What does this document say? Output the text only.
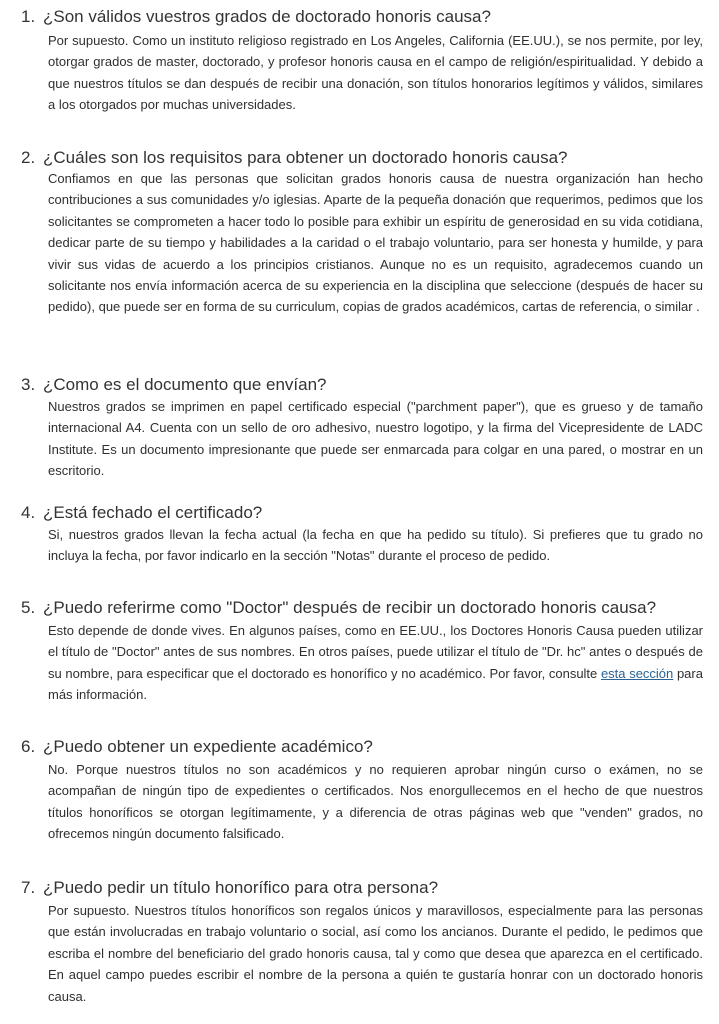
1. ¿Son válidos vuestros grados de doctorado honoris causa?
Por supuesto. Como un instituto religioso registrado en Los Angeles, California (EE.UU.), se nos permite, por ley, otorgar grados de master, doctorado, y profesor honoris causa en el campo de religión/espiritualidad. Y debido a que nuestros títulos se dan después de recibir una donación, son títulos honorarios legítimos y válidos, similares a los otorgados por muchas universidades.
2. ¿Cuáles son los requisitos para obtener un doctorado honoris causa?
Confiamos en que las personas que solicitan grados honoris causa de nuestra organización han hecho contribuciones a sus comunidades y/o iglesias. Aparte de la pequeña donación que requerimos, pedimos que los solicitantes se comprometen a hacer todo lo posible para exhibir un espíritu de generosidad en su vida cotidiana, dedicar parte de su tiempo y habilidades a la caridad o el trabajo voluntario, para ser honesta y humilde, y para vivir sus vidas de acuerdo a los principios cristianos. Aunque no es un requisito, agradecemos cuando un solicitante nos envía información acerca de su experiencia en la disciplina que seleccione (después de hacer su pedido), que puede ser en forma de su curriculum, copias de grados académicos, cartas de referencia, o similar .
3. ¿Como es el documento que envían?
Nuestros grados se imprimen en papel certificado especial ("parchment paper"), que es grueso y de tamaño internacional A4. Cuenta con un sello de oro adhesivo, nuestro logotipo, y la firma del Vicepresidente de LADC Institute. Es un documento impresionante que puede ser enmarcada para colgar en una pared, o mostrar en un escritorio.
4. ¿Está fechado el certificado?
Si, nuestros grados llevan la fecha actual (la fecha en que ha pedido su título). Si prefieres que tu grado no incluya la fecha, por favor indicarlo en la sección "Notas" durante el proceso de pedido.
5. ¿Puedo referirme como "Doctor" después de recibir un doctorado honoris causa?
Esto depende de donde vives. En algunos países, como en EE.UU., los Doctores Honoris Causa pueden utilizar el título de "Doctor" antes de sus nombres. En otros países, puede utilizar el título de "Dr. hc" antes o después de su nombre, para especificar que el doctorado es honorífico y no académico. Por favor, consulte esta sección para más información.
6. ¿Puedo obtener un expediente académico?
No. Porque nuestros títulos no son académicos y no requieren aprobar ningún curso o exámen, no se acompañan de ningún tipo de expedientes o certificados. Nos enorgullecemos en el hecho de que nuestros títulos honoríficos se otorgan legítimamente, y a diferencia de otras páginas web que "venden" grados, no ofrecemos ningún documento falsificado.
7. ¿Puedo pedir un título honorífico para otra persona?
Por supuesto. Nuestros títulos honoríficos son regalos únicos y maravillosos, especialmente para las personas que están involucradas en trabajo voluntario o social, así como los ancianos. Durante el pedido, le pedimos que escriba el nombre del beneficiario del grado honoris causa, tal y como que desea que aparezca en el certificado. En aquel campo puedes escribir el nombre de la persona a quién te gustaría honrar con un doctorado honoris causa.
